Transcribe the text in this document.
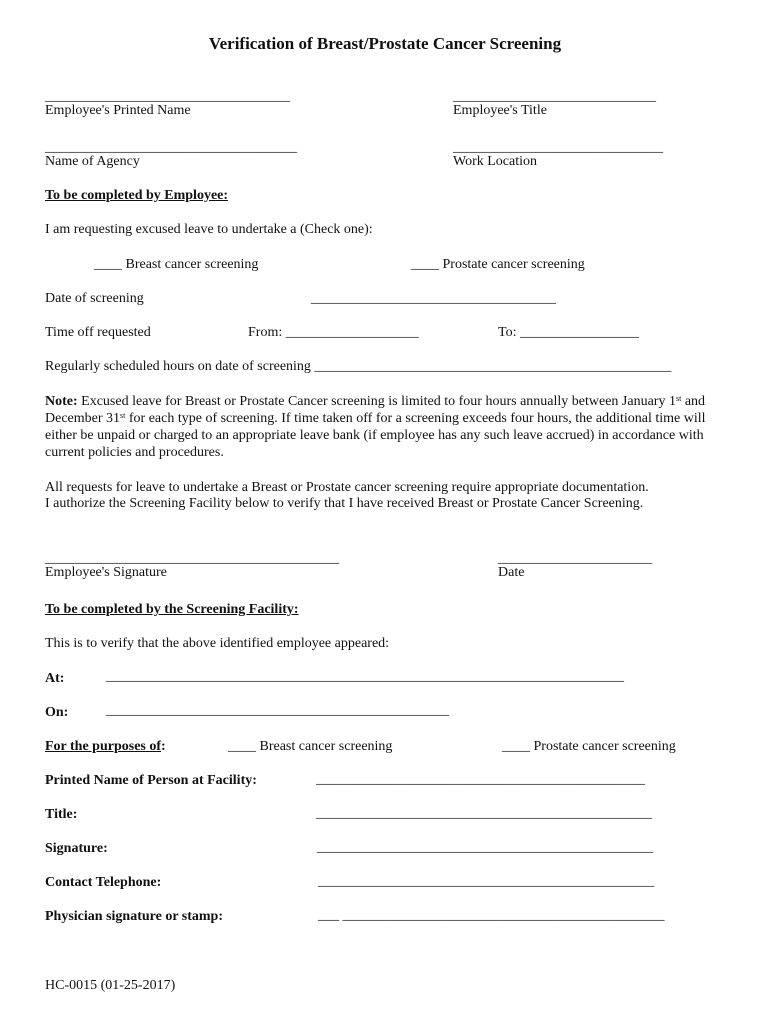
Verification of Breast/Prostate Cancer Screening
___________________________________
Employee's Printed Name
_____________________________
Employee's Title
____________________________________
Name of Agency
______________________________
Work Location
To be completed by Employee:
I am requesting excused leave to undertake a (Check one):
____ Breast cancer screening	____ Prostate cancer screening
Date of screening	___________________________________
Time off requested	From: ___________________	To: _________________
Regularly scheduled hours on date of screening ___________________________________________________
Note: Excused leave for Breast or Prostate Cancer screening is limited to four hours annually between January 1st and December 31st for each type of screening. If time taken off for a screening exceeds four hours, the additional time will either be unpaid or charged to an appropriate leave bank (if employee has any such leave accrued) in accordance with current policies and procedures.
All requests for leave to undertake a Breast or Prostate cancer screening require appropriate documentation.
I authorize the Screening Facility below to verify that I have received Breast or Prostate Cancer Screening.
__________________________________________
Employee's Signature
______________________
Date
To be completed by the Screening Facility:
This is to verify that the above identified employee appeared:
At:	__________________________________________________________________________
On:	_________________________________________________
For the purposes of:	____ Breast cancer screening	____ Prostate cancer screening
Printed Name of Person at Facility:	_______________________________________________
Title:	________________________________________________
Signature:	________________________________________________
Contact Telephone:	________________________________________________
Physician signature or stamp:	___ ______________________________________________
HC-0015 (01-25-2017)
